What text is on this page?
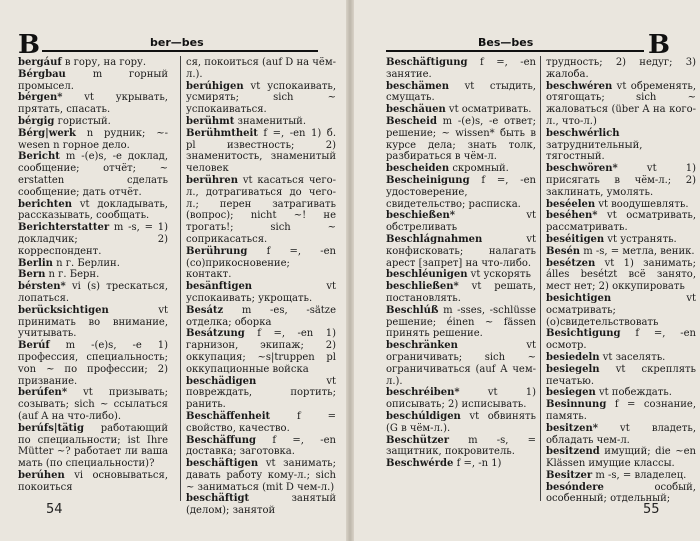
B	ber—bes

bergáuf в гору, на гору.

Bérgbau m горный промысел.

bérgen* vt укрывать, прятать, спасать.

bérgig гористый.

Bérg|werk n рудник; ~-wesen n горное дело.

Bericht m -(e)s, -e доклад, сообщение; отчёт; ~ erstatten сделать сообщение; дать отчёт.

berichten vt докладывать, рассказывать, сообщать.

Berichterstatter m -s, = 1) докладчик; 2) корреспондент.

Berlin n г. Берлин.

Bern n г. Берн.

bérsten* vi (s) трескаться, лопаться.

berücksichtigen vt принимать во внимание, учитывать.

Berúf m -(e)s, -e 1) профессия, специальность; von ~ по профессии; 2) призвание.

berúfen* vt призывать; созывать; sich ~ ссылаться (auf A на что-либо).

berúfs|tätig работающий по специальности; ist Ihre Mütter ~? работает ли ваша мать (по специальности)?

berúhen vi основываться, покоиться

ся, покоиться (auf D на чём-л.).

berúhigen vt успокаивать, усмирять; sich ~ успокаиваться.

berühmt знаменитый.

Berühmtheit f =, -en 1) б. pl известность; 2) знаменитость, знаменитый человек

berühren vt касаться чего-л., дотрагиваться до чего-л.; перен затрагивать (вопрос); nicht ~! не трогать!; sich ~ соприкасаться.

Berührung f =, -en (со)прикосновение; контакт.

besänftigen vt успокаивать; укрощать.

Besátz m -es, -sätze отделка; оборка

Besátzung f =, -en 1) гарнизон, экипаж; 2) оккупация; ~s|truppen pl оккупационные войска

beschädigen vt повреждать, портить; ранить.

Beschäffenheit f = свойство, качество.

Beschäffung f =, -en доставка; заготовка.

beschäftigen vt занимать; давать работу кому-л.; sich ~ заниматься (mit D чем-л.)

beschäftigt занятый (делом); занятой

54
B
Bes—bes

Beschäftigung f =, -en занятие.

beschämen vt стыдить, смущать.

beschäuen vt осматривать.

Bescheid m -(e)s, -e ответ; решение; ~ wissen* быть в курсе дела; знать толк, разбираться в чём-л.

bescheiden скромный.

Bescheinigung f =, -en удостоверение, свидетельство; расписка.

beschießen* vt обстреливать

Beschlágnahmen vt конфисковать; налагать арест [запрет] на что-либо.

beschléunigen vt ускорять

beschließen* vt решать, постановлять.

Beschlúß m -sses, -schlüsse решение; éinen ~ fässen принять решение.

beschränken vt ограничивать; sich ~ ограничиваться (auf A чем-л.).

beschréiben* vt 1) описывать; 2) исписывать.

beschúldigen vt обвинять (G в чём-л.).

Beschützer m -s, = защитник, покровитель.

Beschwérde f =, -n 1)

трудность; 2) недуг; 3) жалоба.

beschwéren vt обременять, отягощать; sich ~ жаловаться (über A на кого-л., что-л.)

beschwérlich затруднительный, тягостный.

beschwören* vt 1) присягать в чём-л.; 2) заклинать, умолять.

beséelen vt воодушевлять.

beséhen* vt осматривать, рассматривать.

beséitigen vt устранять.

Besén m -s, = метла, веник.

besétzen vt 1) занимать; álles besétzt всё занято, мест нет; 2) оккупировать

besichtigen vt осматривать; (о)свидетельствовать

Besichtigung f =, -en осмотр.

besiedeln vt заселять.

besiegeln vt скреплять печатью.

besiegen vt побеждать.

Besinnung f = сознание, память.

besitzen* vt владеть, обладать чем-л.

besitzend имущий; die ~en Klässen имущие классы.

Besitzer m -s, = владелец.

besóndere особый, особенный; отдельный;

55
